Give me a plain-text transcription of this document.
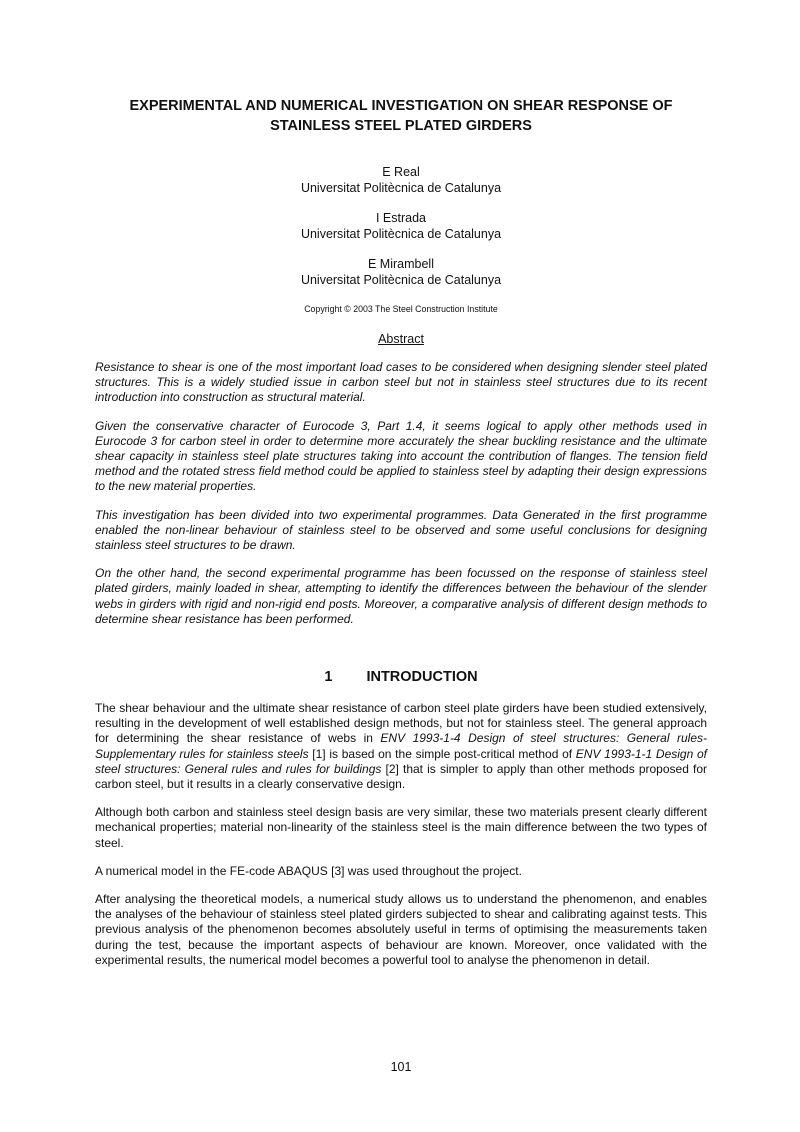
EXPERIMENTAL AND NUMERICAL INVESTIGATION ON SHEAR RESPONSE OF
STAINLESS STEEL PLATED GIRDERS
E Real
Universitat Politècnica de Catalunya
I Estrada
Universitat Politècnica de Catalunya
E Mirambell
Universitat Politècnica de Catalunya
Copyright © 2003 The Steel Construction Institute
Abstract

Resistance to shear is one of the most important load cases to be considered when designing slender steel plated structures. This is a widely studied issue in carbon steel but not in stainless steel structures due to its recent introduction into construction as structural material.

Given the conservative character of Eurocode 3, Part 1.4, it seems logical to apply other methods used in Eurocode 3 for carbon steel in order to determine more accurately the shear buckling resistance and the ultimate shear capacity in stainless steel plate structures taking into account the contribution of flanges. The tension field method and the rotated stress field method could be applied to stainless steel by adapting their design expressions to the new material properties.

This investigation has been divided into two experimental programmes. Data Generated in the first programme enabled the non-linear behaviour of stainless steel to be observed and some useful conclusions for designing stainless steel structures to be drawn.

On the other hand, the second experimental programme has been focussed on the response of stainless steel plated girders, mainly loaded in shear, attempting to identify the differences between the behaviour of the slender webs in girders with rigid and non-rigid end posts. Moreover, a comparative analysis of different design methods to determine shear resistance has been performed.

1 INTRODUCTION

The shear behaviour and the ultimate shear resistance of carbon steel plate girders have been studied extensively, resulting in the development of well established design methods, but not for stainless steel. The general approach for determining the shear resistance of webs in ENV 1993-1-4 Design of steel structures: General rules-Supplementary rules for stainless steels [1] is based on the simple post-critical method of ENV 1993-1-1 Design of steel structures: General rules and rules for buildings [2] that is simpler to apply than other methods proposed for carbon steel, but it results in a clearly conservative design.

Although both carbon and stainless steel design basis are very similar, these two materials present clearly different mechanical properties; material non-linearity of the stainless steel is the main difference between the two types of steel.

A numerical model in the FE-code ABAQUS [3] was used throughout the project.

After analysing the theoretical models, a numerical study allows us to understand the phenomenon, and enables the analyses of the behaviour of stainless steel plated girders subjected to shear and calibrating against tests. This previous analysis of the phenomenon becomes absolutely useful in terms of optimising the measurements taken during the test, because the important aspects of behaviour are known. Moreover, once validated with the experimental results, the numerical model becomes a powerful tool to analyse the phenomenon in detail.

101
